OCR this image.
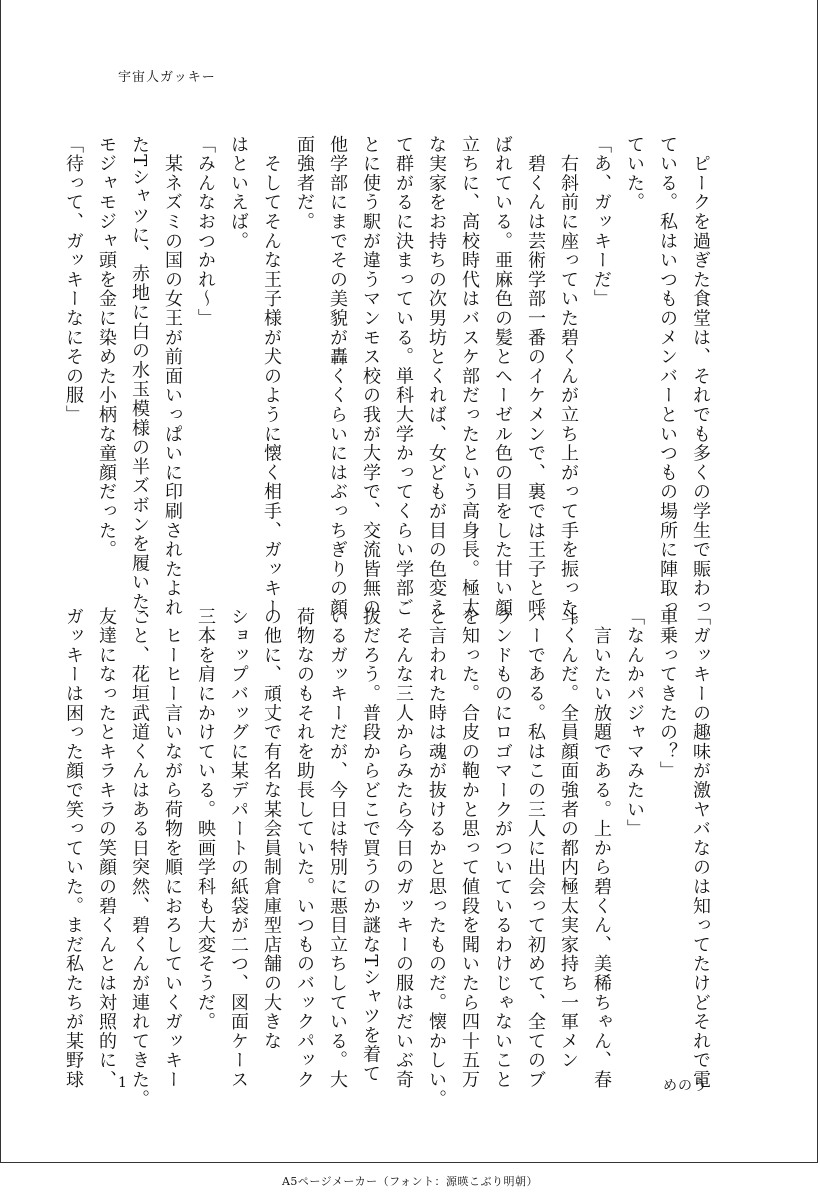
宇宙人ガッキー
　ピークを過ぎた食堂は、それでも多くの学生で賑わっ
ている。私はいつものメンバーといつもの場所に陣取っ
ていた。
「あ、ガッキーだ」
　右斜前に座っていた碧くんが立ち上がって手を振った。
　碧くんは芸術学部一番のイケメンで、裏では王子と呼
ばれている。亜麻色の髪とヘーゼル色の目をした甘い顔
立ちに、高校時代はバスケ部だったという高身長。極太
な実家をお持ちの次男坊とくれば、女どもが目の色変え
て群がるに決まっている。単科大学かってくらい学部ご
とに使う駅が違うマンモス校の我が大学で、交流皆無の
他学部にまでその美貌が轟くくらいにはぶっちぎりの顔
面強者だ。
　そしてそんな王子様が犬のように懐く相手、ガッキー
はといえば。
「みんなおつかれ〜」
　某ネズミの国の女王が前面いっぱいに印刷されたよれ
たTシャツに、赤地に白の水玉模様の半ズボンを履いた、
モジャモジャ頭を金に染めた小柄な童顔だった。
「待って、ガッキーなにその服」
「ガッキーの趣味が激ヤバなのは知ってたけどそれで電
車乗ってきたの？」
「なんかパジャマみたい」
　言いたい放題である。上から碧くん、美稀ちゃん、春
斗くんだ。全員顔面強者の都内極太実家持ち一軍メン
バーである。私はこの三人に出会って初めて、全てのブ
ランドものにロゴマークがついているわけじゃないこと
を知った。合皮の鞄かと思って値段を聞いたら四十五万
と言われた時は魂が抜けるかと思ったものだ。懐かしい。
　そんな三人からみたら今日のガッキーの服はだいぶ奇
抜だろう。普段からどこで買うのか謎なTシャツを着て
いるガッキーだが、今日は特別に悪目立ちしている。大
荷物なのもそれを助長していた。いつものバックパック
の他に、頑丈で有名な某会員制倉庫型店舗の大きな
ショップバッグに某デパートの紙袋が二つ、図面ケース
三本を肩にかけている。映画学科も大変そうだ。
　ヒーヒー言いながら荷物を順におろしていくガッキー
こと、花垣武道くんはある日突然、碧くんが連れてきた。
友達になったとキラキラの笑顔の碧くんとは対照的に、
ガッキーは困った顔で笑っていた。まだ私たちが某野球	1	めのう
A5ページメーカー（フォント：源暎こぶり明朝）
